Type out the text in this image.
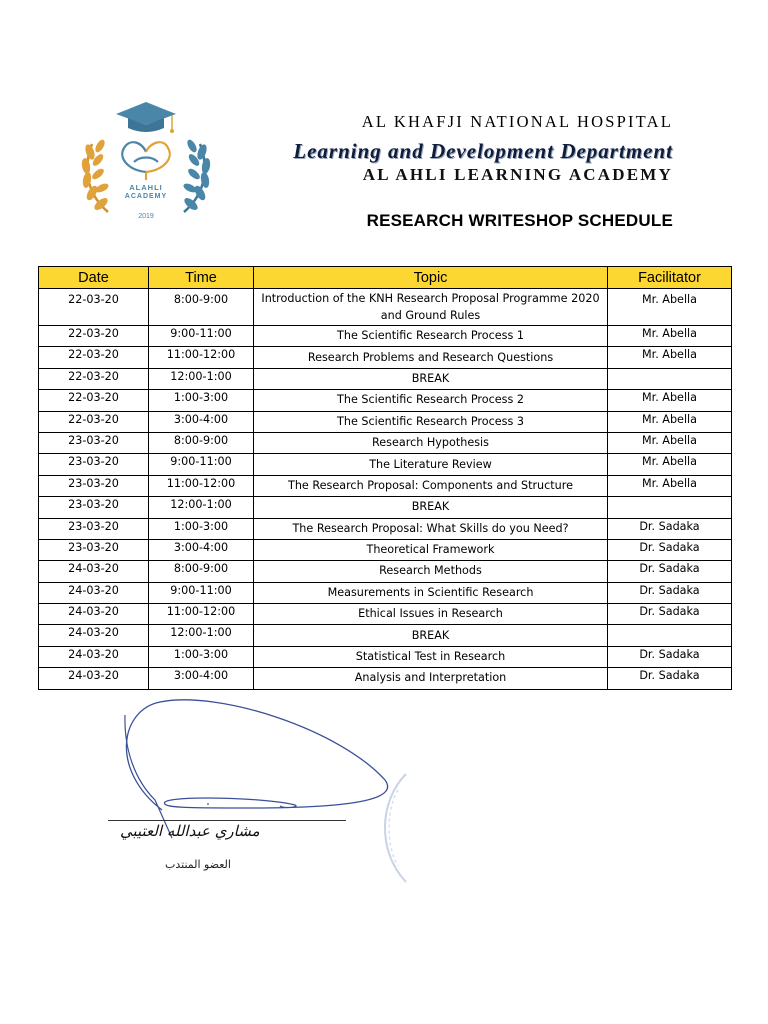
ALAHLI
ACADEMY
2019
AL KHAFJI NATIONAL HOSPITAL
Learning and Development Department
AL AHLI LEARNING ACADEMY
RESEARCH WRITESHOP SCHEDULE
Date	Time	Topic	Facilitator
22-03-20	8:00-9:00	Introduction of the KNH Research Proposal Programme 2020 and Ground Rules	Mr. Abella
22-03-20	9:00-11:00	The Scientific Research Process 1	Mr. Abella
22-03-20	11:00-12:00	Research Problems and Research Questions	Mr. Abella
22-03-20	12:00-1:00	BREAK	
22-03-20	1:00-3:00	The Scientific Research Process 2	Mr. Abella
22-03-20	3:00-4:00	The Scientific Research Process 3	Mr. Abella
23-03-20	8:00-9:00	Research Hypothesis	Mr. Abella
23-03-20	9:00-11:00	The Literature Review	Mr. Abella
23-03-20	11:00-12:00	The Research Proposal: Components and Structure	Mr. Abella
23-03-20	12:00-1:00	BREAK	
23-03-20	1:00-3:00	The Research Proposal: What Skills do you Need?	Dr. Sadaka
23-03-20	3:00-4:00	Theoretical Framework	Dr. Sadaka
24-03-20	8:00-9:00	Research Methods	Dr. Sadaka
24-03-20	9:00-11:00	Measurements in Scientific Research	Dr. Sadaka
24-03-20	11:00-12:00	Ethical Issues in Research	Dr. Sadaka
24-03-20	12:00-1:00	BREAK	
24-03-20	1:00-3:00	Statistical Test in Research	Dr. Sadaka
24-03-20	3:00-4:00	Analysis and Interpretation	Dr. Sadaka
مشاري عبدالله العتيبي
العضو المنتدب
